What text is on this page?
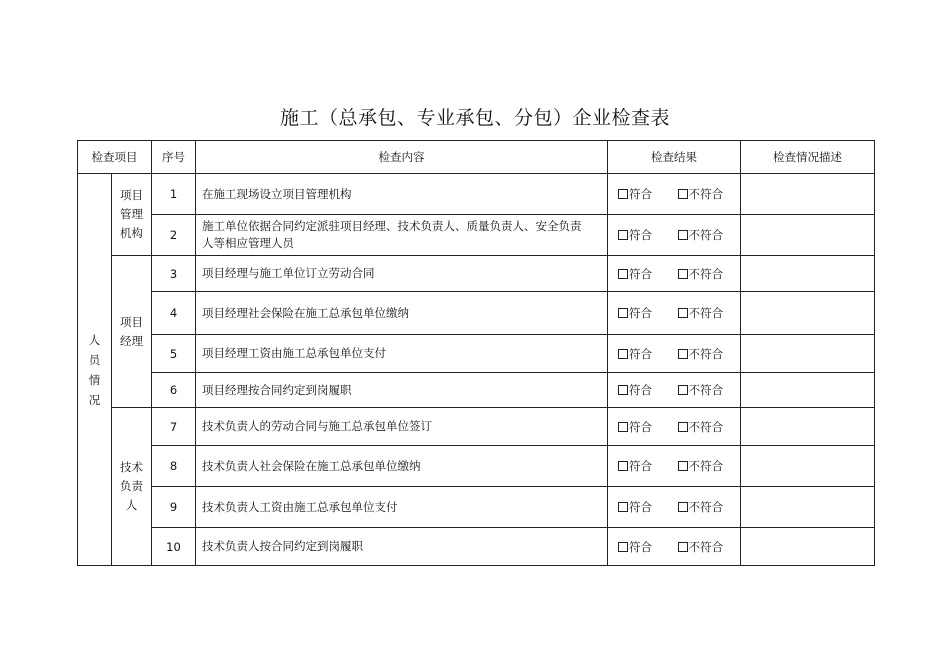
施工（总承包、专业承包、分包）企业检查表
检查项目		序号	检查内容	检查结果	检查情况描述
人员情况	项目管理机构	1	在施工现场设立项目管理机构	符合 不符合	
		2	施工单位依据合同约定派驻项目经理、技术负责人、质量负责人、安全负责人等相应管理人员	符合 不符合	
	项目经理	3	项目经理与施工单位订立劳动合同	符合 不符合	
		4	项目经理社会保险在施工总承包单位缴纳	符合 不符合	
		5	项目经理工资由施工总承包单位支付	符合 不符合	
		6	项目经理按合同约定到岗履职	符合 不符合	
	技术负责人	7	技术负责人的劳动合同与施工总承包单位签订	符合 不符合	
		8	技术负责人社会保险在施工总承包单位缴纳	符合 不符合	
		9	技术负责人工资由施工总承包单位支付	符合 不符合	
		10	技术负责人按合同约定到岗履职	符合 不符合	
